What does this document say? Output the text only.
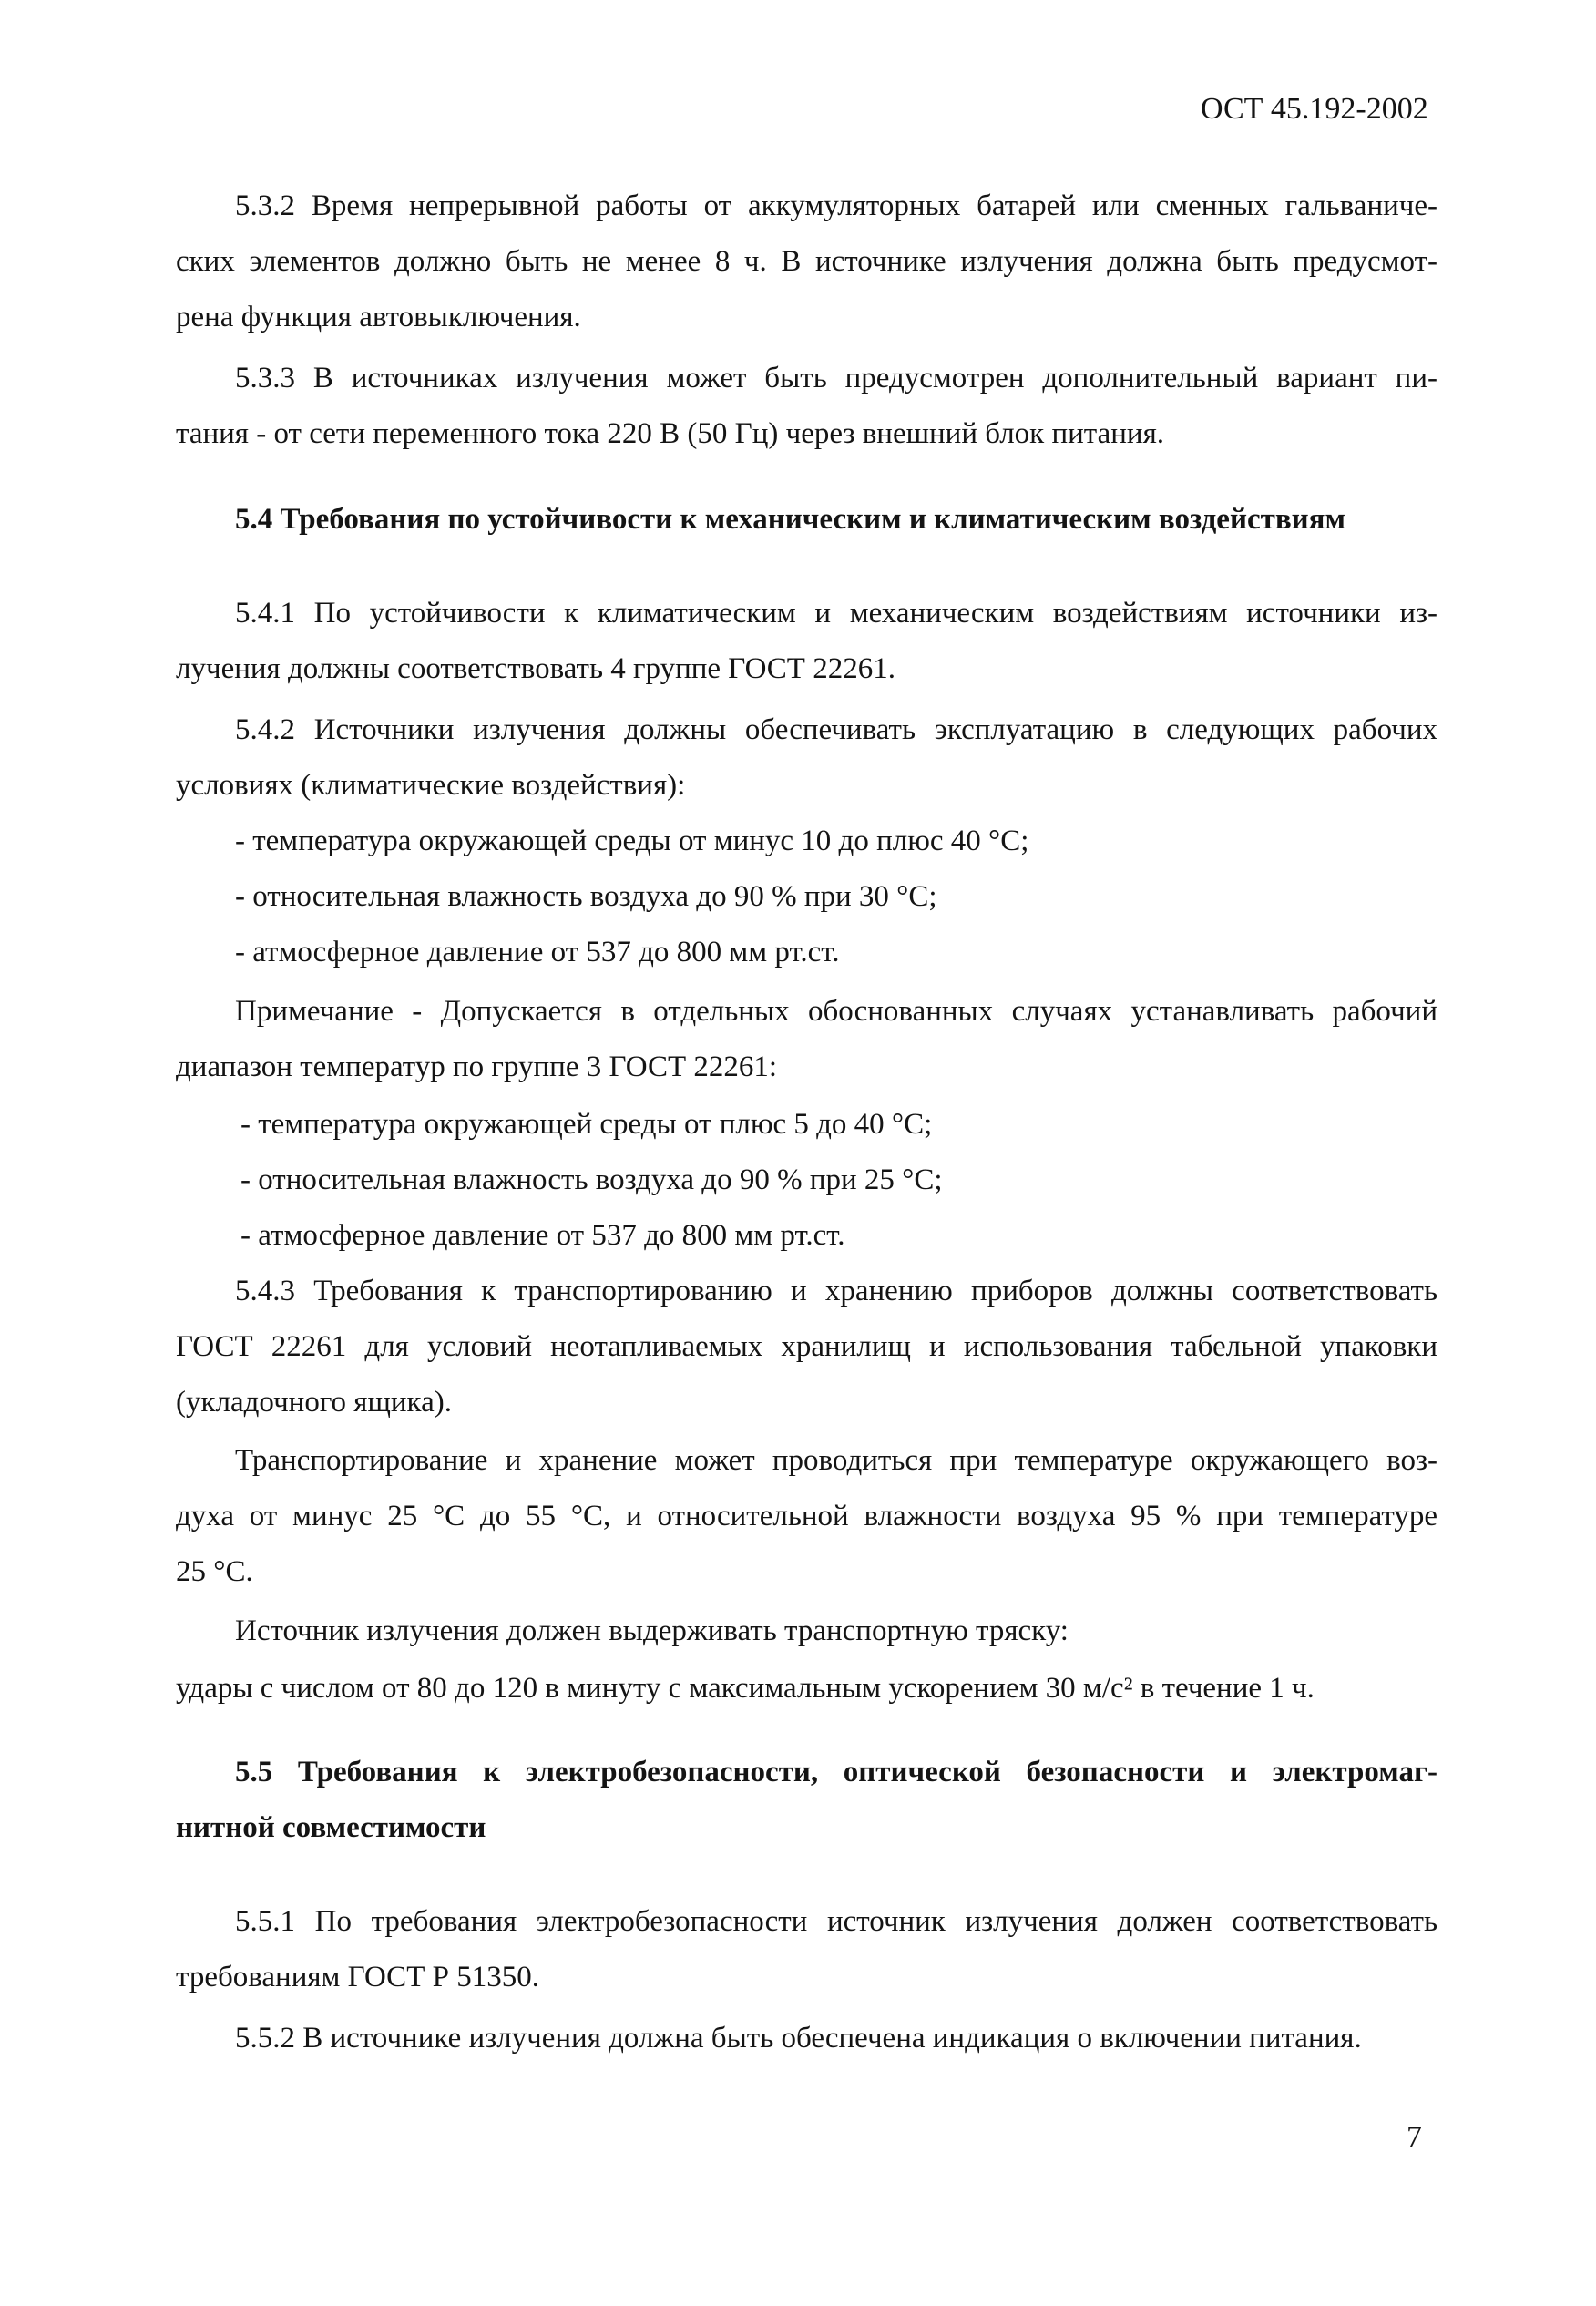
ОСТ 45.192-2002

5.3.2 Время непрерывной работы от аккумуляторных батарей или сменных гальваниче-

ских элементов должно быть не менее 8 ч. В источнике излучения должна быть предусмот-

рена функция автовыключения.

5.3.3 В источниках излучения может быть предусмотрен дополнительный вариант пи-

тания - от сети переменного тока 220 В (50 Гц) через внешний блок питания.

5.4 Требования по устойчивости к механическим и климатическим воздействиям

5.4.1 По устойчивости к климатическим и механическим воздействиям источники из-

лучения должны соответствовать 4 группе ГОСТ 22261.

5.4.2 Источники излучения должны обеспечивать эксплуатацию в следующих рабочих

условиях (климатические воздействия):

- температура окружающей среды от минус 10 до плюс 40 °С;

- относительная влажность воздуха до 90 % при 30 °С;

- атмосферное давление от 537 до 800 мм рт.ст.

Примечание - Допускается в отдельных обоснованных случаях устанавливать рабочий

диапазон температур по группе 3 ГОСТ 22261:

- температура окружающей среды от плюс 5 до 40 °С;

- относительная влажность воздуха до 90 % при 25 °С;

- атмосферное давление от 537 до 800 мм рт.ст.

5.4.3 Требования к транспортированию и хранению приборов должны соответствовать

ГОСТ 22261 для условий неотапливаемых хранилищ и использования табельной упаковки

(укладочного ящика).

Транспортирование и хранение может проводиться при температуре окружающего воз-

духа от минус 25 °С до 55 °С, и относительной влажности воздуха 95 % при температуре

25 °С.

Источник излучения должен выдерживать транспортную тряску:

удары с числом от 80 до 120 в минуту с максимальным ускорением 30 м/с² в течение 1 ч.

5.5 Требования к электробезопасности, оптической безопасности и электромаг-
нитной совместимости

5.5.1 По требования электробезопасности источник излучения должен соответствовать

требованиям ГОСТ Р 51350.

5.5.2 В источнике излучения должна быть обеспечена индикация о включении питания.

7
